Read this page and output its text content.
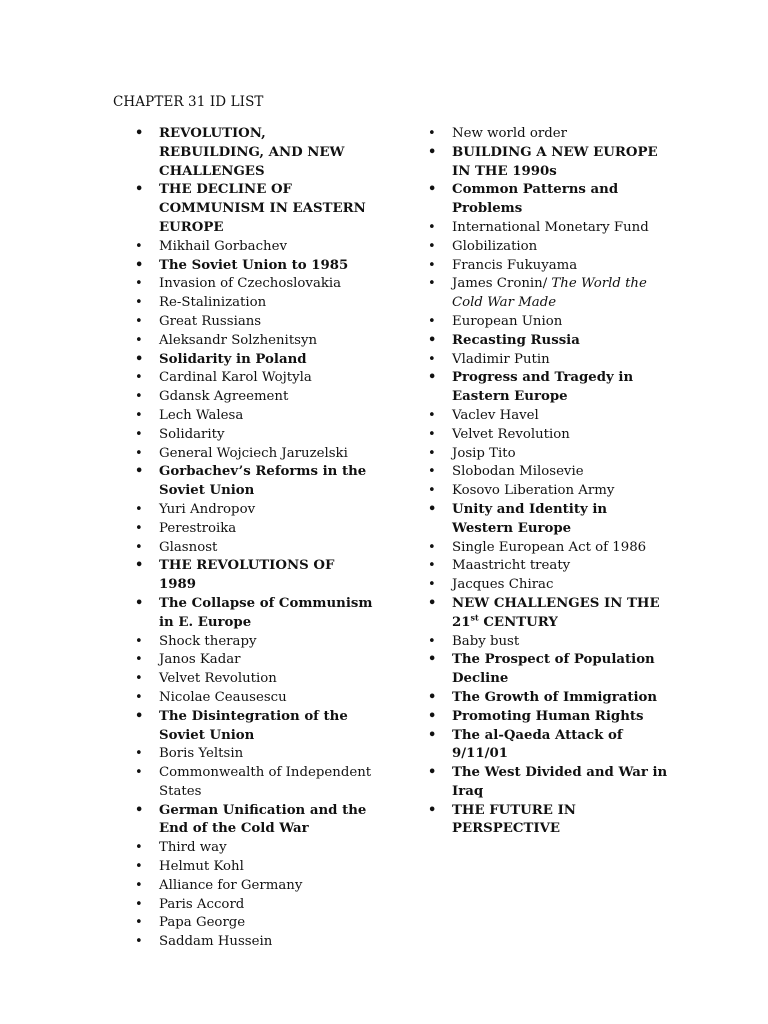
CHAPTER 31 ID LIST
• REVOLUTION, REBUILDING, AND NEW CHALLENGES
• THE DECLINE OF COMMUNISM IN EASTERN EUROPE
• Mikhail Gorbachev
• The Soviet Union to 1985
• Invasion of Czechoslovakia
• Re-Stalinization
• Great Russians
• Aleksandr Solzhenitsyn
• Solidarity in Poland
• Cardinal Karol Wojtyla
• Gdansk Agreement
• Lech Walesa
• Solidarity
• General Wojciech Jaruzelski
• Gorbachev’s Reforms in the Soviet Union
• Yuri Andropov
• Perestroika
• Glasnost
• THE REVOLUTIONS OF 1989
• The Collapse of Communism in E. Europe
• Shock therapy
• Janos Kadar
• Velvet Revolution
• Nicolae Ceausescu
• The Disintegration of the Soviet Union
• Boris Yeltsin
• Commonwealth of Independent States
• German Unification and the End of the Cold War
• Third way
• Helmut Kohl
• Alliance for Germany
• Paris Accord
• Papa George
• Saddam Hussein
• New world order
• BUILDING A NEW EUROPE IN THE 1990s
• Common Patterns and Problems
• International Monetary Fund
• Globilization
• Francis Fukuyama
• James Cronin/ The World the Cold War Made
• European Union
• Recasting Russia
• Vladimir Putin
• Progress and Tragedy in Eastern Europe
• Vaclev Havel
• Velvet Revolution
• Josip Tito
• Slobodan Milosevie
• Kosovo Liberation Army
• Unity and Identity in Western Europe
• Single European Act of 1986
• Maastricht treaty
• Jacques Chirac
• NEW CHALLENGES IN THE 21st CENTURY
• Baby bust
• The Prospect of Population Decline
• The Growth of Immigration
• Promoting Human Rights
• The al-Qaeda Attack of 9/11/01
• The West Divided and War in Iraq
• THE FUTURE IN PERSPECTIVE
